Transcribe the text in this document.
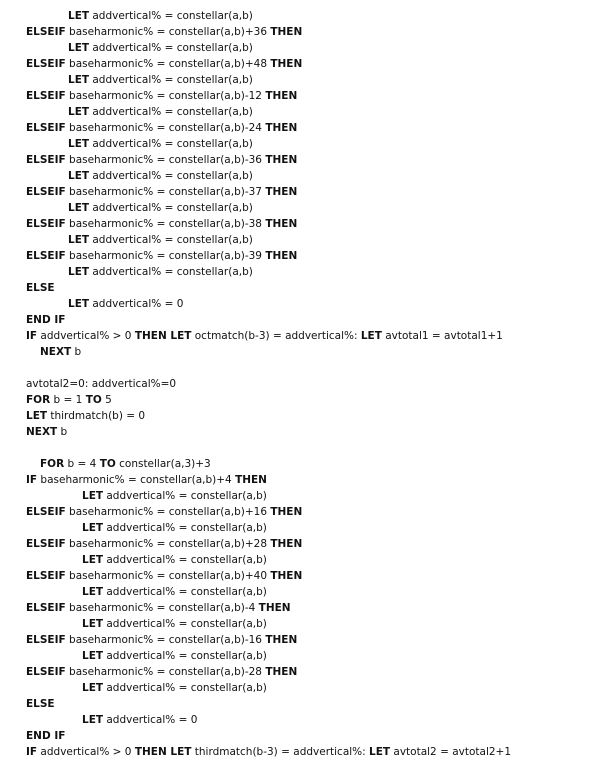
LET addvertical% = constellar(a,b)
ELSEIF baseharmonic% = constellar(a,b)+36 THEN
LET addvertical% = constellar(a,b)
ELSEIF baseharmonic% = constellar(a,b)+48 THEN
LET addvertical% = constellar(a,b)
ELSEIF baseharmonic% = constellar(a,b)-12 THEN
LET addvertical% = constellar(a,b)
ELSEIF baseharmonic% = constellar(a,b)-24 THEN
LET addvertical% = constellar(a,b)
ELSEIF baseharmonic% = constellar(a,b)-36 THEN
LET addvertical% = constellar(a,b)
ELSEIF baseharmonic% = constellar(a,b)-37 THEN
LET addvertical% = constellar(a,b)
ELSEIF baseharmonic% = constellar(a,b)-38 THEN
LET addvertical% = constellar(a,b)
ELSEIF baseharmonic% = constellar(a,b)-39 THEN
LET addvertical% = constellar(a,b)
ELSE
LET addvertical% = 0
END IF
IF addvertical% > 0 THEN LET octmatch(b-3) = addvertical%: LET avtotal1 = avtotal1+1
NEXT b
avtotal2=0: addvertical%=0
FOR b = 1 TO 5
LET thirdmatch(b) = 0
NEXT b
FOR b = 4 TO constellar(a,3)+3
IF baseharmonic% = constellar(a,b)+4 THEN
LET addvertical% = constellar(a,b)
ELSEIF baseharmonic% = constellar(a,b)+16 THEN
LET addvertical% = constellar(a,b)
ELSEIF baseharmonic% = constellar(a,b)+28 THEN
LET addvertical% = constellar(a,b)
ELSEIF baseharmonic% = constellar(a,b)+40 THEN
LET addvertical% = constellar(a,b)
ELSEIF baseharmonic% = constellar(a,b)-4 THEN
LET addvertical% = constellar(a,b)
ELSEIF baseharmonic% = constellar(a,b)-16 THEN
LET addvertical% = constellar(a,b)
ELSEIF baseharmonic% = constellar(a,b)-28 THEN
LET addvertical% = constellar(a,b)
ELSE
LET addvertical% = 0
END IF
IF addvertical% > 0 THEN LET thirdmatch(b-3) = addvertical%: LET avtotal2 = avtotal2+1
